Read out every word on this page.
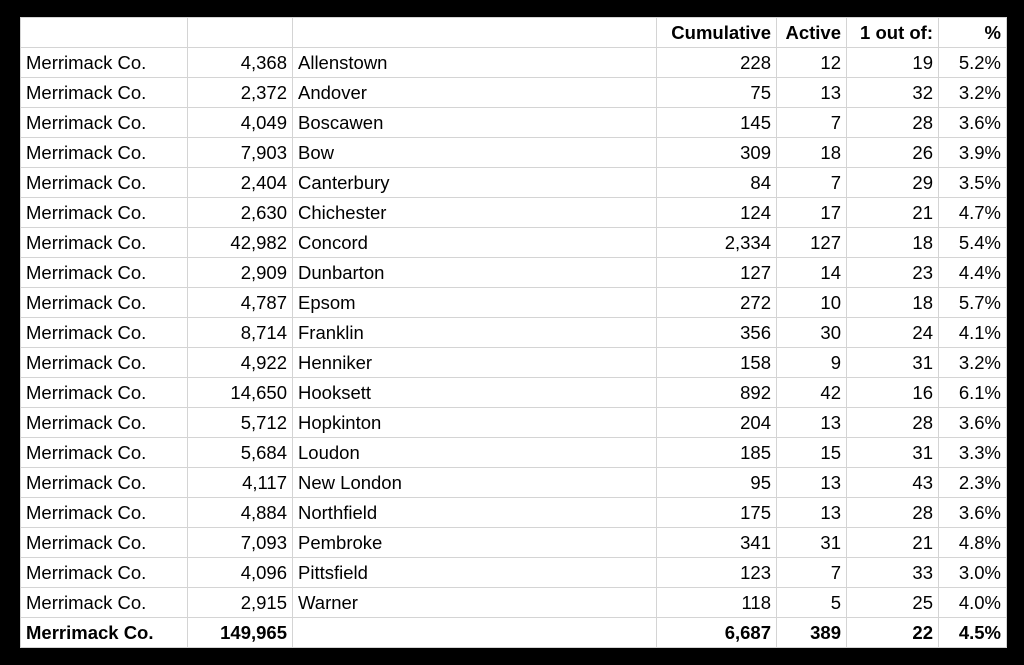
			Cumulative	Active	1 out of:	%
Merrimack Co.	4,368	Allenstown	228	12	19	5.2%
Merrimack Co.	2,372	Andover	75	13	32	3.2%
Merrimack Co.	4,049	Boscawen	145	7	28	3.6%
Merrimack Co.	7,903	Bow	309	18	26	3.9%
Merrimack Co.	2,404	Canterbury	84	7	29	3.5%
Merrimack Co.	2,630	Chichester	124	17	21	4.7%
Merrimack Co.	42,982	Concord	2,334	127	18	5.4%
Merrimack Co.	2,909	Dunbarton	127	14	23	4.4%
Merrimack Co.	4,787	Epsom	272	10	18	5.7%
Merrimack Co.	8,714	Franklin	356	30	24	4.1%
Merrimack Co.	4,922	Henniker	158	9	31	3.2%
Merrimack Co.	14,650	Hooksett	892	42	16	6.1%
Merrimack Co.	5,712	Hopkinton	204	13	28	3.6%
Merrimack Co.	5,684	Loudon	185	15	31	3.3%
Merrimack Co.	4,117	New London	95	13	43	2.3%
Merrimack Co.	4,884	Northfield	175	13	28	3.6%
Merrimack Co.	7,093	Pembroke	341	31	21	4.8%
Merrimack Co.	4,096	Pittsfield	123	7	33	3.0%
Merrimack Co.	2,915	Warner	118	5	25	4.0%
Merrimack Co.	149,965		6,687	389	22	4.5%
